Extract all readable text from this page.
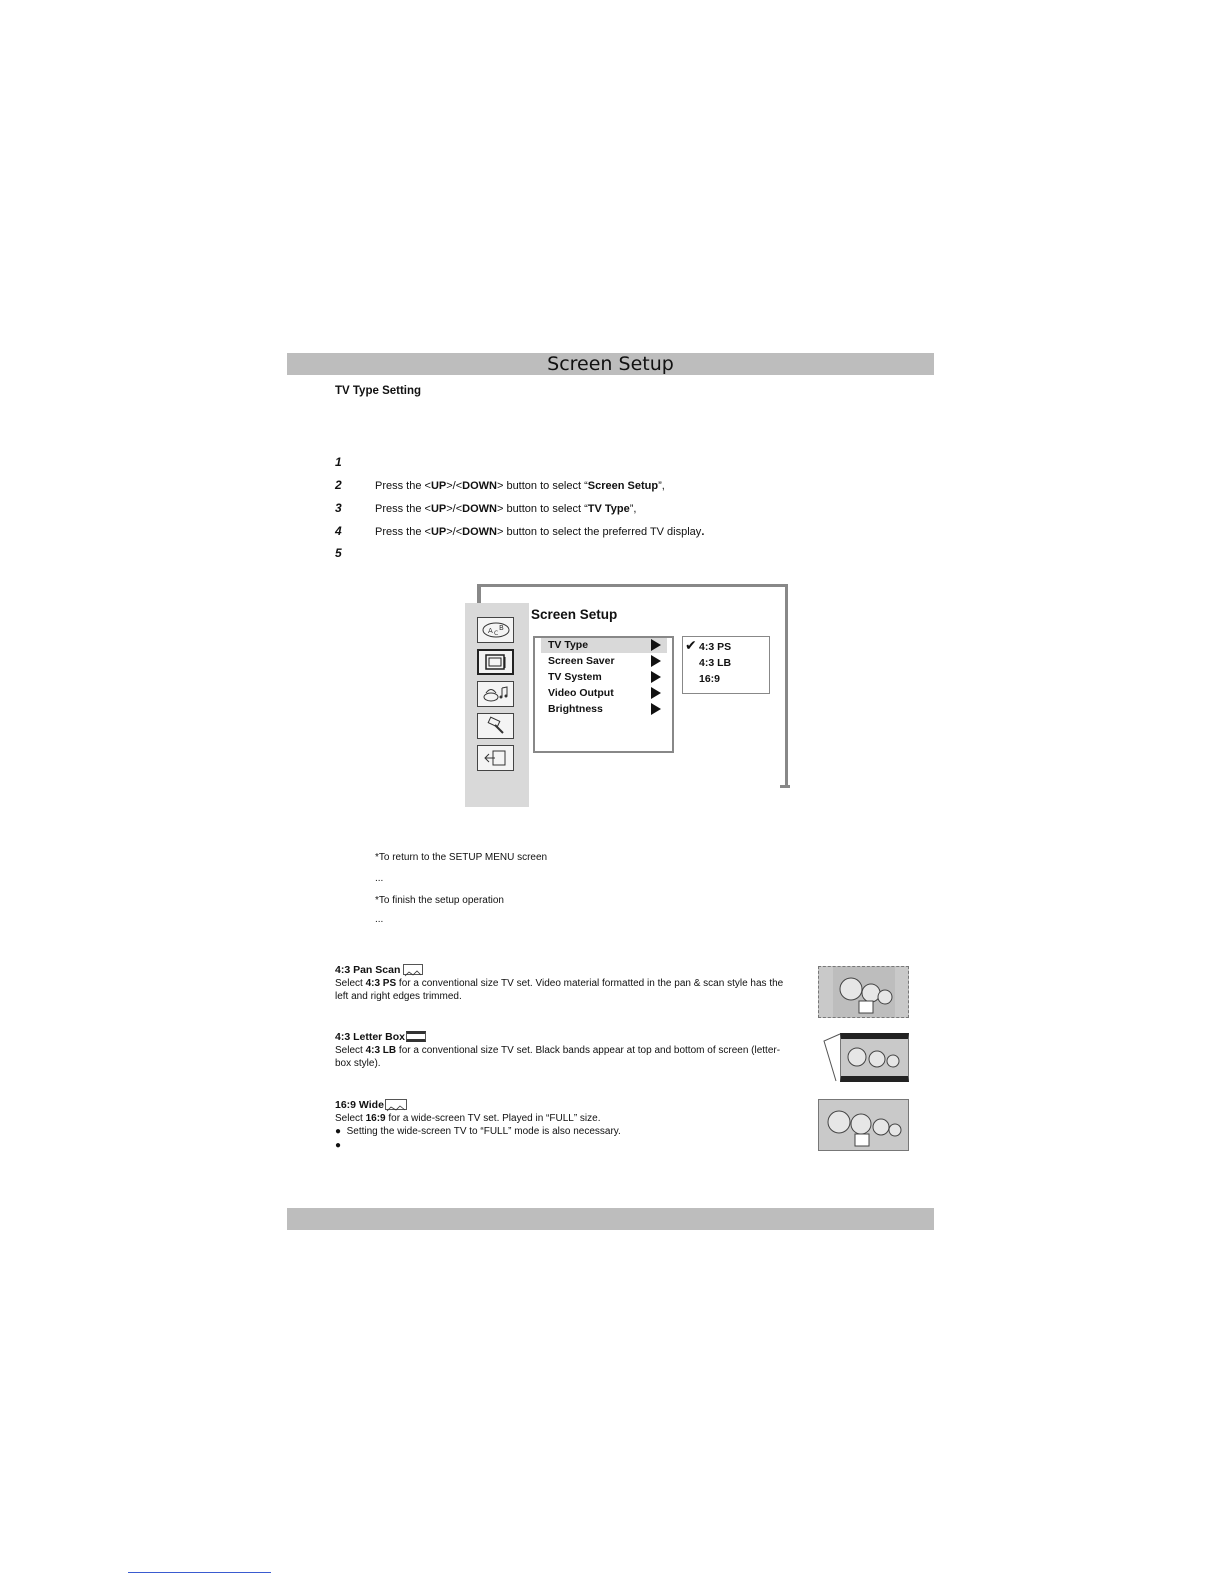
Screen Setup
TV Type Setting
1
2	Press the <UP>/<DOWN> button to select “Screen Setup”,
3	Press the <UP>/<DOWN> button to select “TV Type”,
4	Press the <UP>/<DOWN> button to select the preferred TV display.
5
A C
B
Screen Setup
TV Type
Screen Saver
TV System
Video Output
Brightness
✔ 4:3 PS
4:3 LB
16:9
*To return to the SETUP MENU screen
...
*To finish the setup operation
...
4:3 Pan Scan
Select 4:3 PS for a conventional size TV set. Video material formatted in the pan & scan style has the left and right edges trimmed.
4:3 Letter Box
Select 4:3 LB for a conventional size TV set. Black bands appear at top and bottom of screen (letter-box style).
16:9 Wide
Select 16:9 for a wide-screen TV set. Played in “FULL” size.
● Setting the wide-screen TV to “FULL” mode is also necessary.
●
